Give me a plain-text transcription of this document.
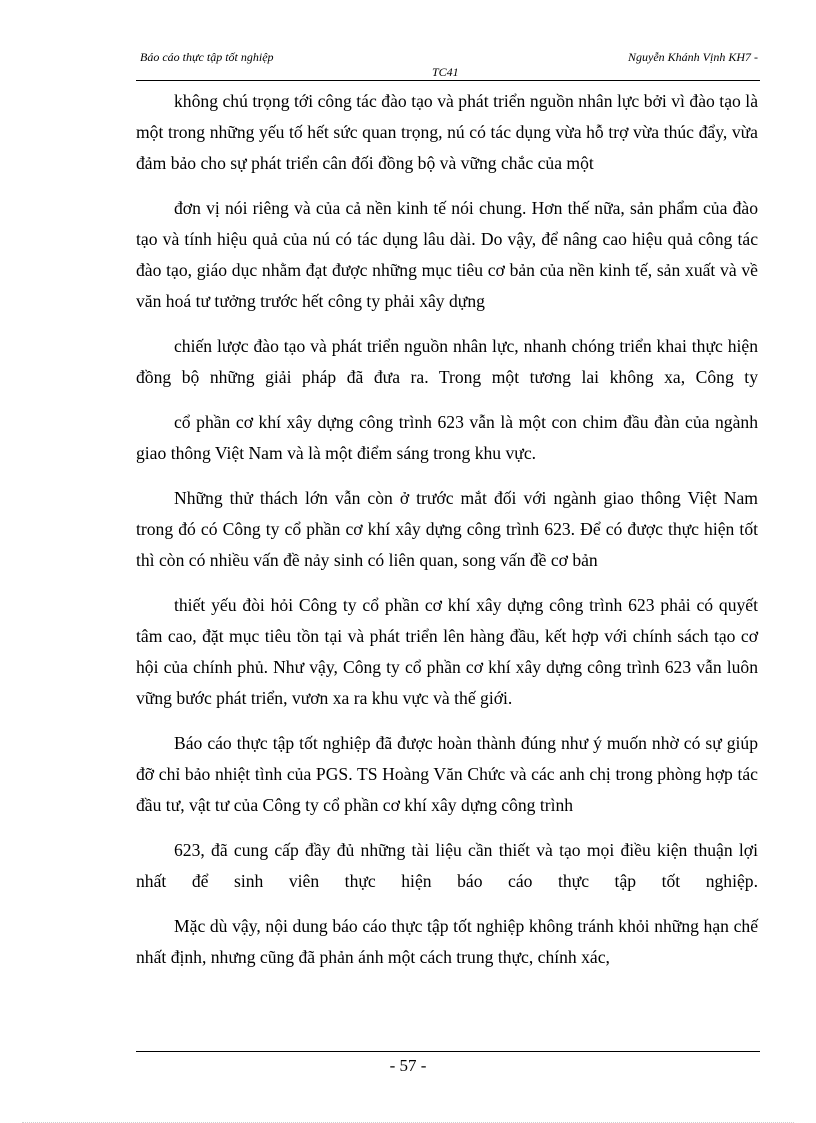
Báo cáo thực tập tốt nghiệp	Nguyễn Khánh Vịnh KH7 -
TC41

không chú trọng tới công tác đào tạo và phát triển nguồn nhân lực bởi vì đào tạo là một trong những yếu tố hết sức quan trọng, nú có tác dụng vừa hỗ trợ vừa thúc đẩy, vừa đảm bảo cho sự phát triển cân đối đồng bộ và vững chắc của một

đơn vị nói riêng và của cả nền kinh tế nói chung. Hơn thế nữa, sản phẩm của đào tạo và tính hiệu quả của nú có tác dụng lâu dài. Do vậy, để nâng cao hiệu quả công tác đào tạo, giáo dục nhằm đạt được những mục tiêu cơ bản của nền kinh tế, sản xuất và về văn hoá tư tưởng trước hết công ty phải xây dựng

chiến lược đào tạo và phát triển nguồn nhân lực, nhanh chóng triển khai thực hiện đồng bộ những giải pháp đã đưa ra. Trong một tương lai không xa, Công ty

cổ phần cơ khí xây dựng công trình 623 vẫn là một con chim đầu đàn của ngành giao thông Việt Nam và là một điểm sáng trong khu vực.

Những thử thách lớn vẫn còn ở trước mắt đối với ngành giao thông Việt Nam trong đó có Công ty cổ phần cơ khí xây dựng công trình 623. Để có được thực hiện tốt thì còn có nhiều vấn đề nảy sinh có liên quan, song vấn đề cơ bản

thiết yếu đòi hỏi Công ty cổ phần cơ khí xây dựng công trình 623 phải có quyết tâm cao, đặt mục tiêu tồn tại và phát triển lên hàng đầu, kết hợp với chính sách tạo cơ hội của chính phủ. Như vậy, Công ty cổ phần cơ khí xây dựng công trình 623 vẫn luôn vững bước phát triển, vươn xa ra khu vực và thế giới.

Báo cáo thực tập tốt nghiệp đã được hoàn thành đúng như ý muốn nhờ có sự giúp đỡ chỉ bảo nhiệt tình của PGS. TS Hoàng Văn Chức và các anh chị trong phòng hợp tác đầu tư, vật tư của Công ty cổ phần cơ khí xây dựng công trình

623, đã cung cấp đầy đủ những tài liệu cần thiết và tạo mọi điều kiện thuận lợi nhất để sinh viên thực hiện báo cáo thực tập tốt nghiệp.

Mặc dù vậy, nội dung báo cáo thực tập tốt nghiệp không tránh khỏi những hạn chế nhất định, nhưng cũng đã phản ánh một cách trung thực, chính xác,

- 57 -
